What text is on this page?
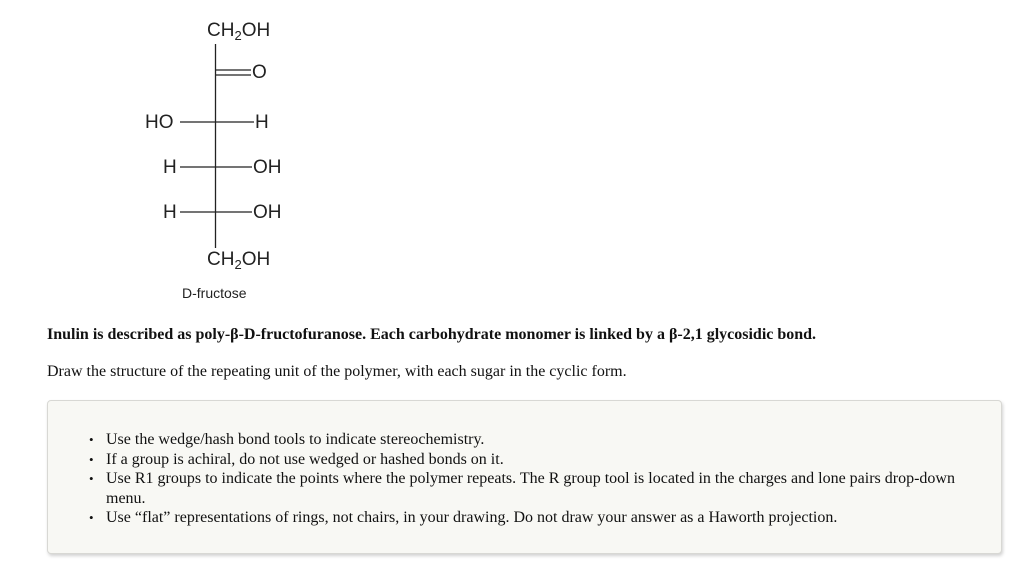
$CH_2OH$
O
HO	H
H	OH
H	OH
$CH_2OH$
D-fructose
Inulin is described as poly-β-D-fructofuranose. Each carbohydrate monomer is linked by a β-2,1 glycosidic bond.
Draw the structure of the repeating unit of the polymer, with each sugar in the cyclic form.
• Use the wedge/hash bond tools to indicate stereochemistry.
• If a group is achiral, do not use wedged or hashed bonds on it.
• Use R1 groups to indicate the points where the polymer repeats. The R group tool is located in the charges and lone pairs drop-down menu.
• Use “flat” representations of rings, not chairs, in your drawing. Do not draw your answer as a Haworth projection.
